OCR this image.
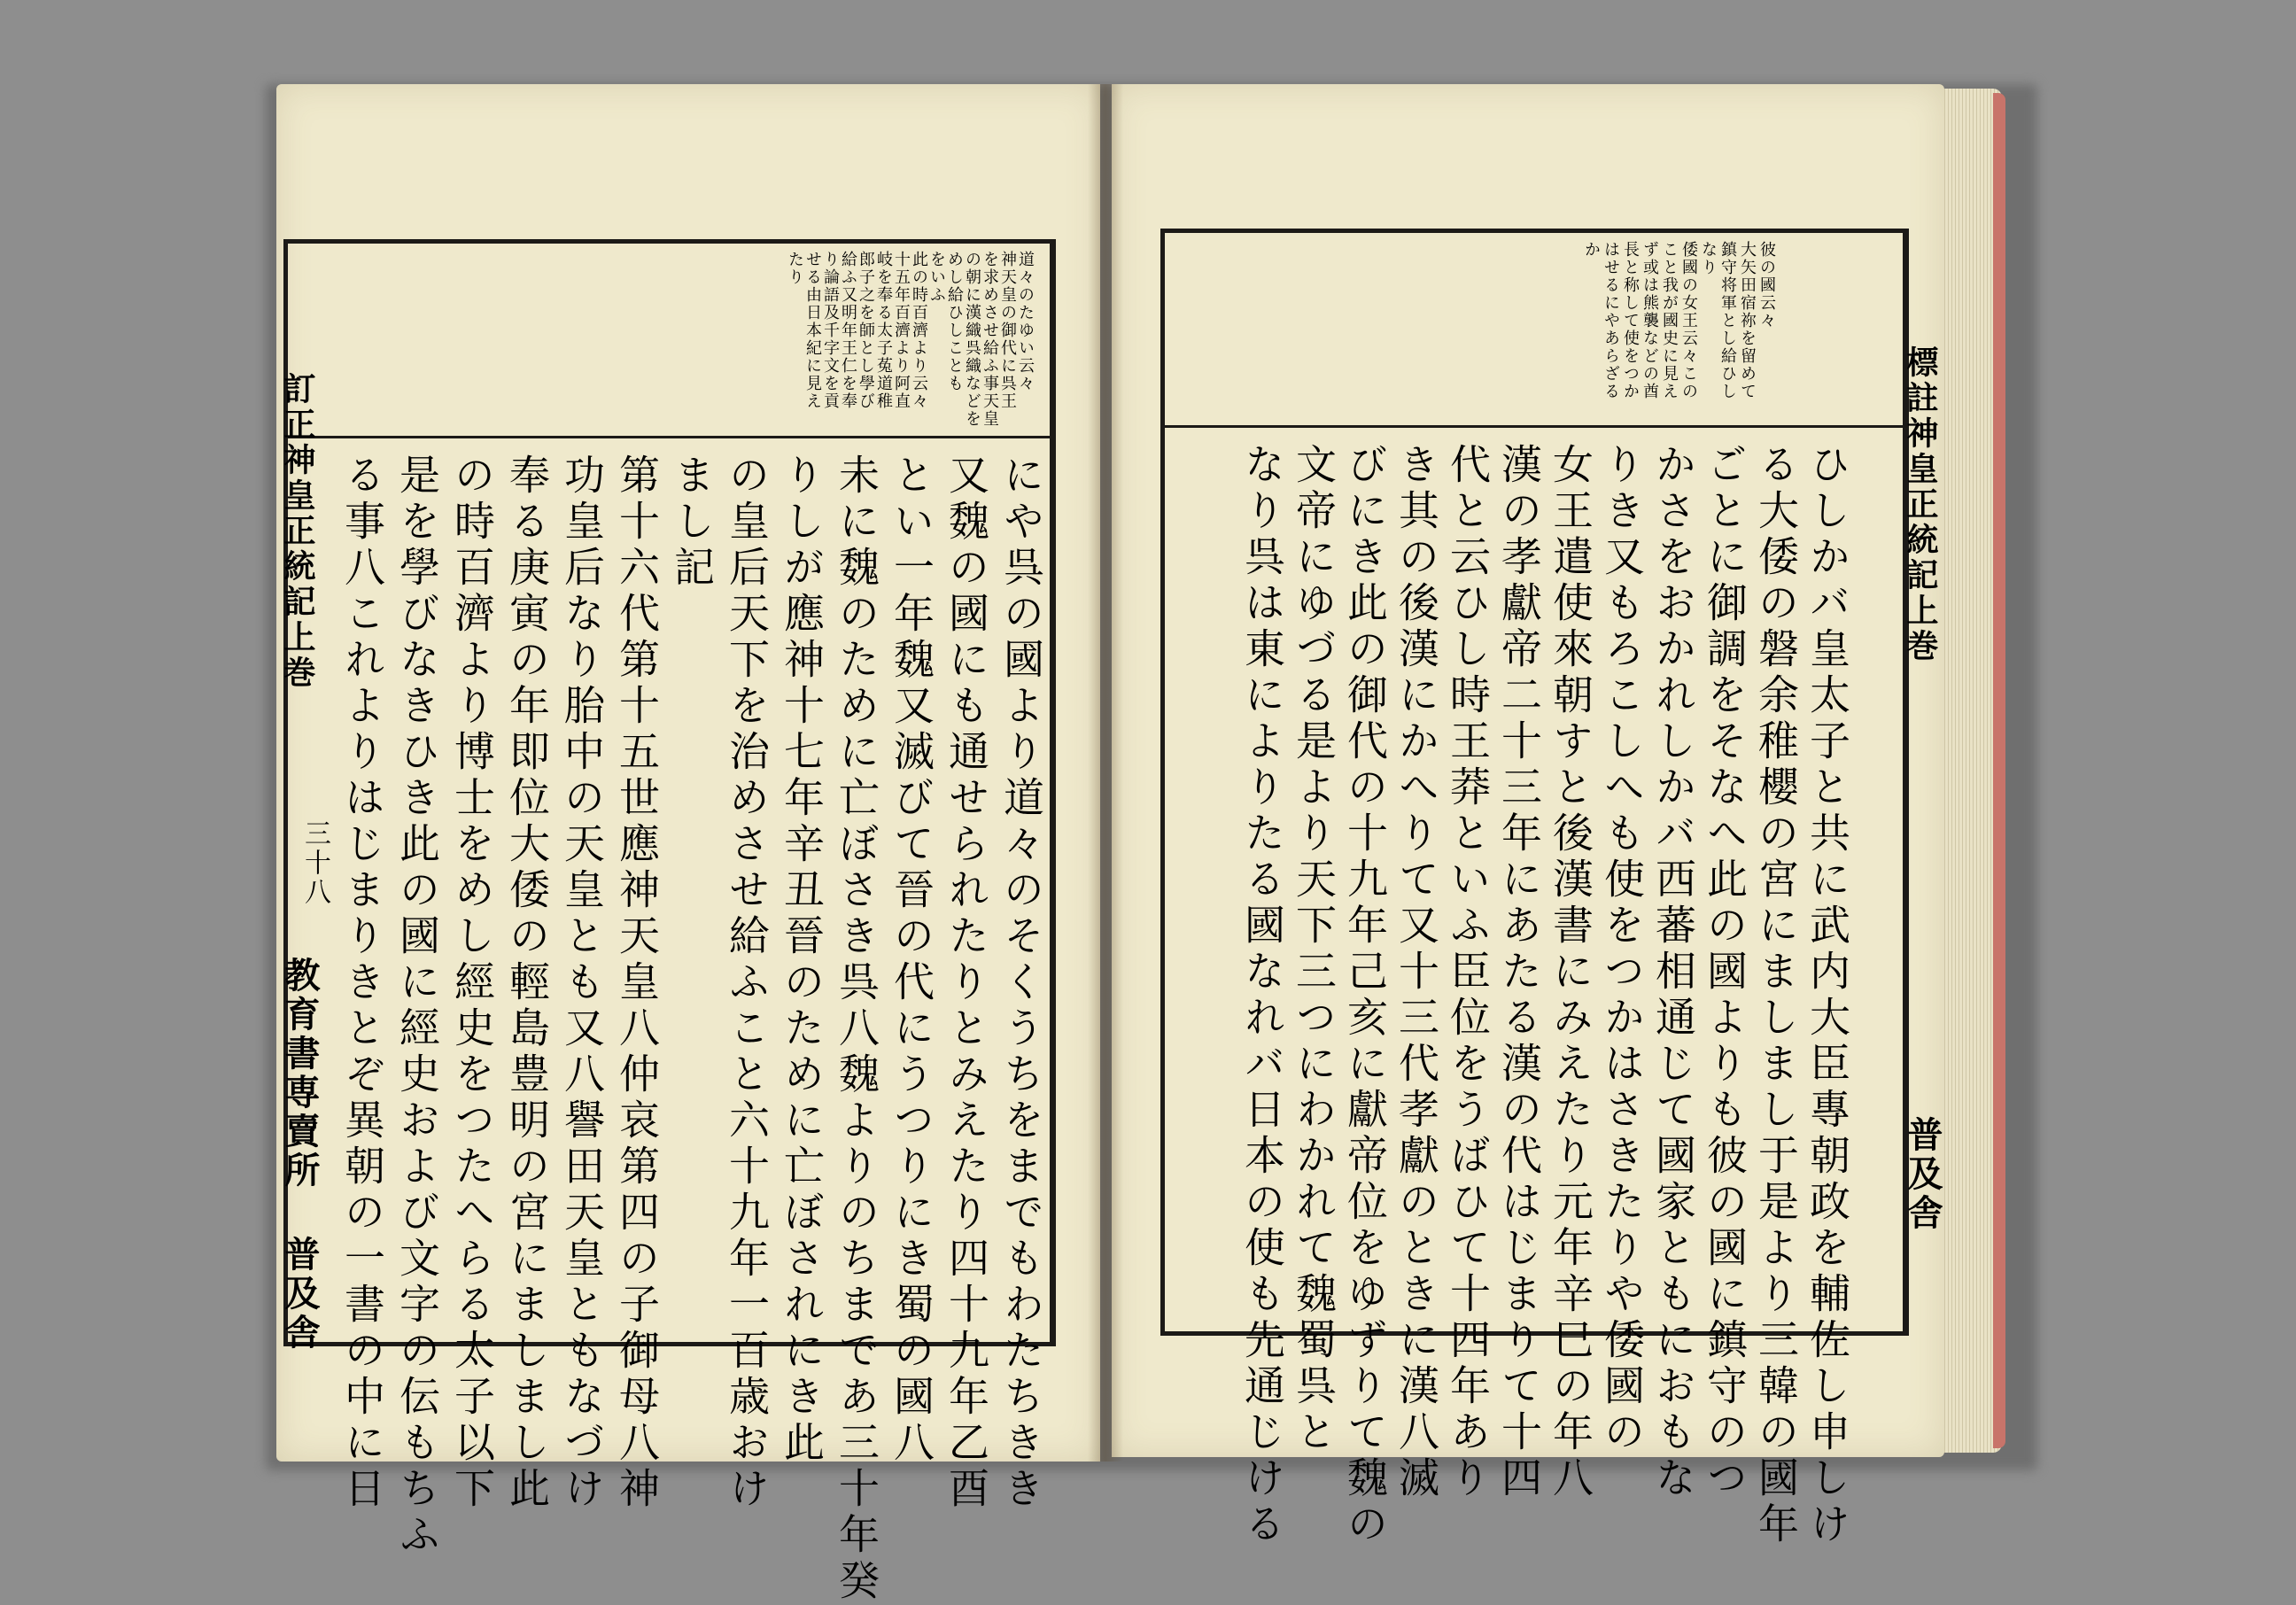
訂正神皇正統記上巻
三十八
教育書専賣所 普及舎
道々のたゆい云々
神天皇の御代に呉王
を求めさせ給ふ事天皇
の朝に漢織呉織などを
めし給ひしことも
をいふ
此の時百濟より云々
十五年百濟より阿直
岐を奉る太子菟道稚
郎子之を師とし學び
給ふ又明年王仁を奉
り論語及千字文を貢
せる由日本紀に見え
たり
にや呉の國より道々のそくうちをまでもわたちきき
又魏の國にも通せられたりとみえたり四十九年乙酉
とい一年魏又滅びて晉の代にうつりにき蜀の國八
未に魏のために亡ぼさき呉八魏よりのちまであ三十年癸
りしが應神十七年辛丑晉のために亡ぼされにき此
の皇后天下を治めさせ給ふこと六十九年一百歳おけ
まし記
第十六代第十五世應神天皇八仲哀第四の子御母八神
功皇后なり胎中の天皇とも又八譽田天皇ともなづけ
奉る庚寅の年即位大倭の輕島豊明の宮にましまし此
の時百濟より博士をめし經史をつたへらる太子以下
是を學びなきひき此の國に經史および文字の伝もちふ
る事八これよりはじまりきとぞ異朝の一書の中に日	標註神皇正統記上巻
普及舎
彼の國云々
大矢田宿祢を留めて
鎮守将軍とし給ひし
なり
倭國の女王云々この
こと我が國史に見え
ず或は熊襲などの酋
長と称して使をつか
はせるにやあらざる
か
ひしかバ皇太子と共に武内大臣專朝政を輔佐し申しけ
る大倭の磐余稚櫻の宮にましまし于是より三韓の國年
ごとに御調をそなへ此の國よりも彼の國に鎮守のつ
かさをおかれしかバ西蕃相通じて國家ともにおもな
りき又もろこしへも使をつかはさきたりや倭國の
女王遣使來朝すと後漢書にみえたり元年辛巳の年八
漢の孝獻帝二十三年にあたる漢の代はじまりて十四
代と云ひし時王莽といふ臣位をうばひて十四年あり
き其の後漢にかへりて又十三代孝獻のときに漢八滅
びにき此の御代の十九年己亥に獻帝位をゆずりて魏の
文帝にゆづる是より天下三つにわかれて魏蜀呉と
なり呉は東によりたる國なれバ日本の使も先通じける
